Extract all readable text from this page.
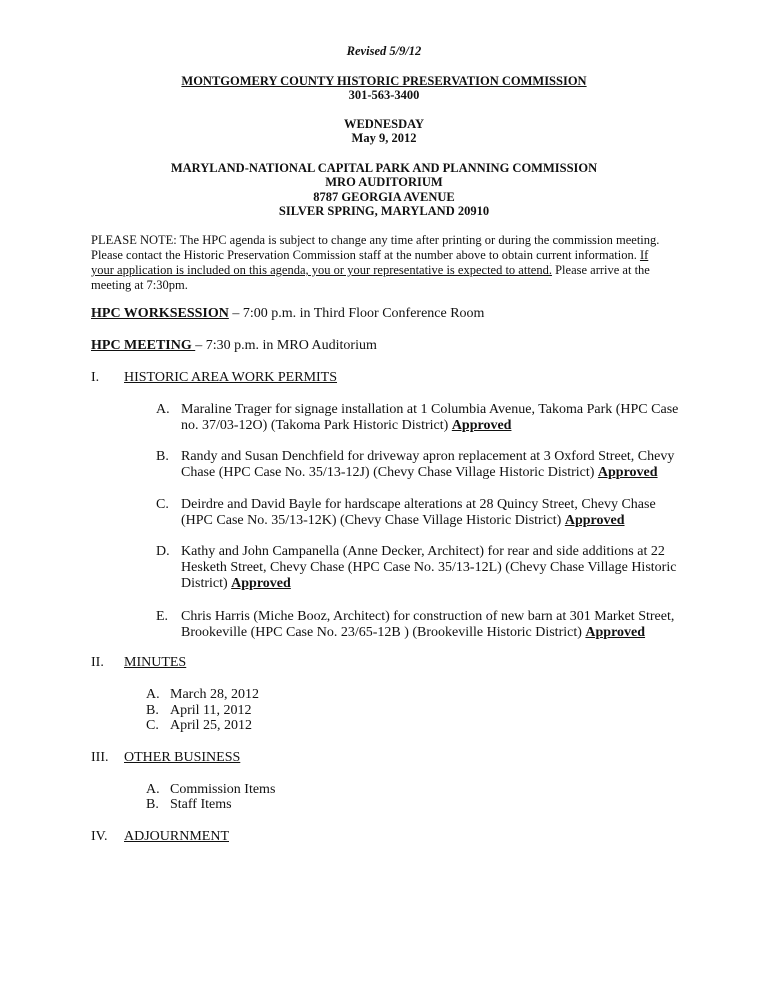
Revised 5/9/12
MONTGOMERY COUNTY HISTORIC PRESERVATION COMMISSION
301-563-3400
WEDNESDAY
May 9, 2012
MARYLAND-NATIONAL CAPITAL PARK AND PLANNING COMMISSION
MRO AUDITORIUM
8787 GEORGIA AVENUE
SILVER SPRING, MARYLAND 20910
PLEASE NOTE: The HPC agenda is subject to change any time after printing or during the commission meeting.
Please contact the Historic Preservation Commission staff at the number above to obtain current information. If
your application is included on this agenda, you or your representative is expected to attend. Please arrive at the
meeting at 7:30pm.
HPC WORKSESSION – 7:00 p.m. in Third Floor Conference Room
HPC MEETING – 7:30 p.m. in MRO Auditorium
I. HISTORIC AREA WORK PERMITS
A. Maraline Trager for signage installation at 1 Columbia Avenue, Takoma Park (HPC Case no. 37/03-12O) (Takoma Park Historic District) Approved
B. Randy and Susan Denchfield for driveway apron replacement at 3 Oxford Street, Chevy Chase (HPC Case No. 35/13-12J) (Chevy Chase Village Historic District) Approved
C. Deirdre and David Bayle for hardscape alterations at 28 Quincy Street, Chevy Chase (HPC Case No. 35/13-12K) (Chevy Chase Village Historic District) Approved
D. Kathy and John Campanella (Anne Decker, Architect) for rear and side additions at 22 Hesketh Street, Chevy Chase (HPC Case No. 35/13-12L) (Chevy Chase Village Historic District) Approved
E. Chris Harris (Miche Booz, Architect) for construction of new barn at 301 Market Street, Brookeville (HPC Case No. 23/65-12B ) (Brookeville Historic District) Approved
II. MINUTES
A. March 28, 2012
B. April 11, 2012
C. April 25, 2012
III. OTHER BUSINESS
A. Commission Items
B. Staff Items
IV. ADJOURNMENT
